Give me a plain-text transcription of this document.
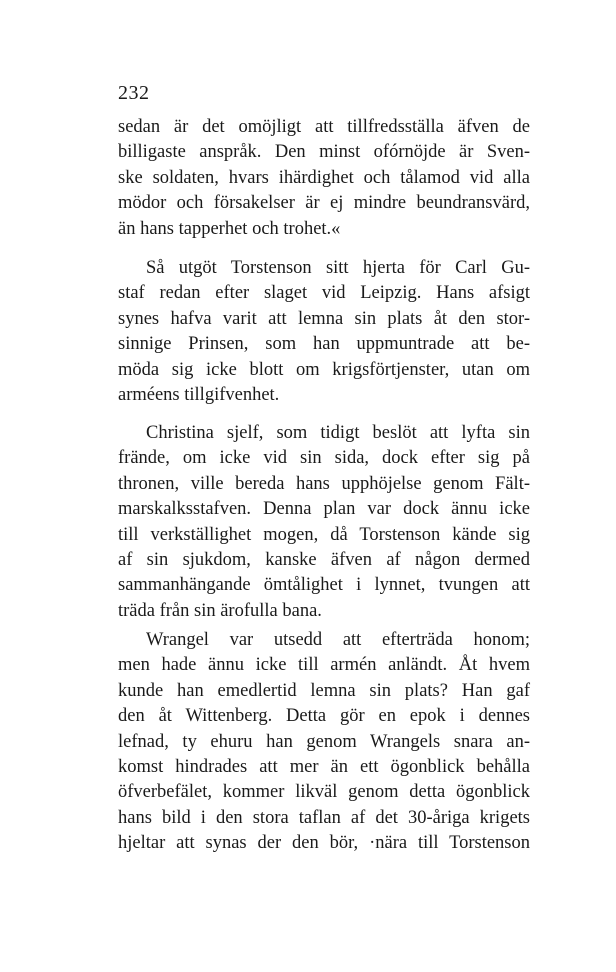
232
sedan är det omöjligt att tillfredsställa äfven de
billigaste anspråk. Den minst ofórnöjde är Sven-
ske soldaten, hvars ihärdighet och tålamod vid alla
mödor och försakelser är ej mindre beundransvärd,
än hans tapperhet och trohet.«
Så utgöt Torstenson sitt hjerta för Carl Gu-
staf redan efter slaget vid Leipzig. Hans afsigt
synes hafva varit att lemna sin plats åt den stor-
sinnige Prinsen, som han uppmuntrade att be-
möda sig icke blott om krigsförtjenster, utan om
arméens tillgifvenhet.
Christina sjelf, som tidigt beslöt att lyfta sin
frände, om icke vid sin sida, dock efter sig på
thronen, ville bereda hans upphöjelse genom Fält-
marskalksstafven. Denna plan var dock ännu icke
till verkställighet mogen, då Torstenson kände sig
af sin sjukdom, kanske äfven af någon dermed
sammanhängande ömtålighet i lynnet, tvungen att
träda från sin ärofulla bana.
Wrangel var utsedd att efterträda honom;
men hade ännu icke till armén anländt. Åt hvem
kunde han emedlertid lemna sin plats? Han gaf
den åt Wittenberg. Detta gör en epok i dennes
lefnad, ty ehuru han genom Wrangels snara an-
komst hindrades att mer än ett ögonblick behålla
öfverbefälet, kommer likväl genom detta ögonblick
hans bild i den stora taflan af det 30-åriga krigets
hjeltar att synas der den bör, ·nära till Torstenson
